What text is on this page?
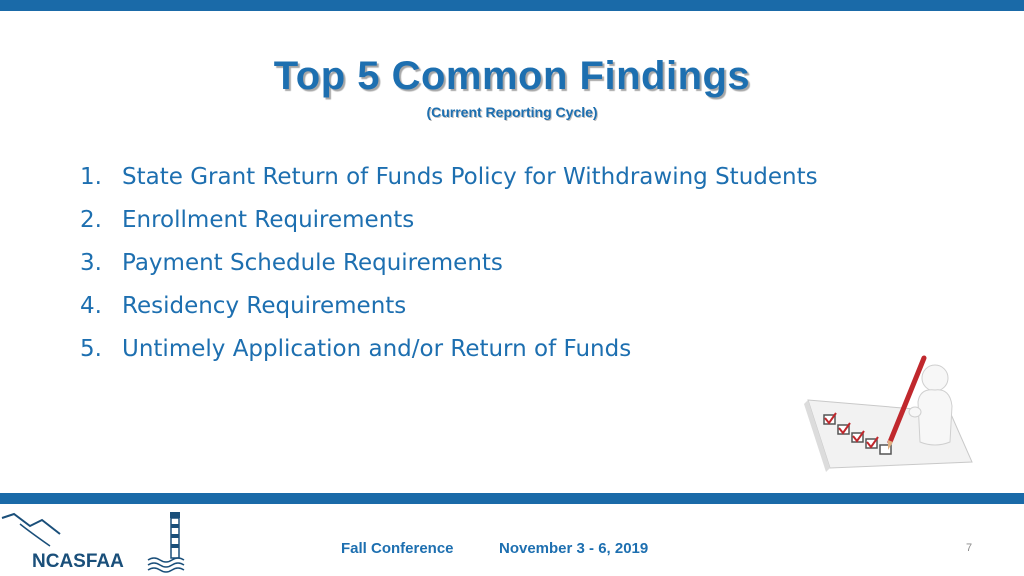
Top 5 Common Findings
(Current Reporting Cycle)
1. State Grant Return of Funds Policy for Withdrawing Students
2. Enrollment Requirements
3. Payment Schedule Requirements
4. Residency Requirements
5. Untimely Application and/or Return of Funds
NCASFAA
Fall Conference	November 3 - 6, 2019	7
